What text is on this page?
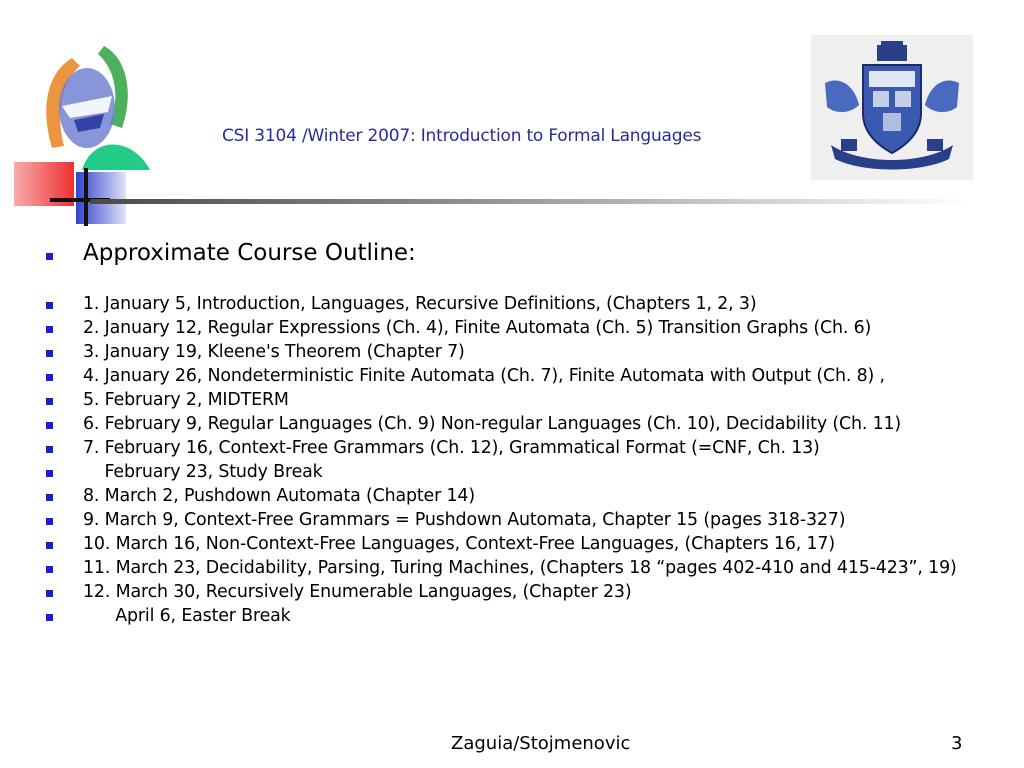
CSI 3104 /Winter 2007: Introduction to Formal Languages
Approximate Course Outline:
1. January 5, Introduction, Languages, Recursive Definitions, (Chapters 1, 2, 3)
2. January 12, Regular Expressions (Ch. 4), Finite Automata (Ch. 5) Transition Graphs (Ch. 6)
3. January 19, Kleene's Theorem (Chapter 7)
4. January 26, Nondeterministic Finite Automata (Ch. 7), Finite Automata with Output (Ch. 8) ,
5. February 2, MIDTERM
6. February 9, Regular Languages (Ch. 9) Non-regular Languages (Ch. 10), Decidability (Ch. 11)
7. February 16, Context-Free Grammars (Ch. 12), Grammatical Format (=CNF, Ch. 13)
February 23, Study Break
8. March 2, Pushdown Automata (Chapter 14)
9. March 9, Context-Free Grammars = Pushdown Automata, Chapter 15 (pages 318-327)
10. March 16, Non-Context-Free Languages, Context-Free Languages, (Chapters 16, 17)
11. March 23, Decidability, Parsing, Turing Machines, (Chapters 18 “pages 402-410 and 415-423”, 19)
12. March 30, Recursively Enumerable Languages, (Chapter 23)
April 6, Easter Break
Zaguia/Stojmenovic	3
